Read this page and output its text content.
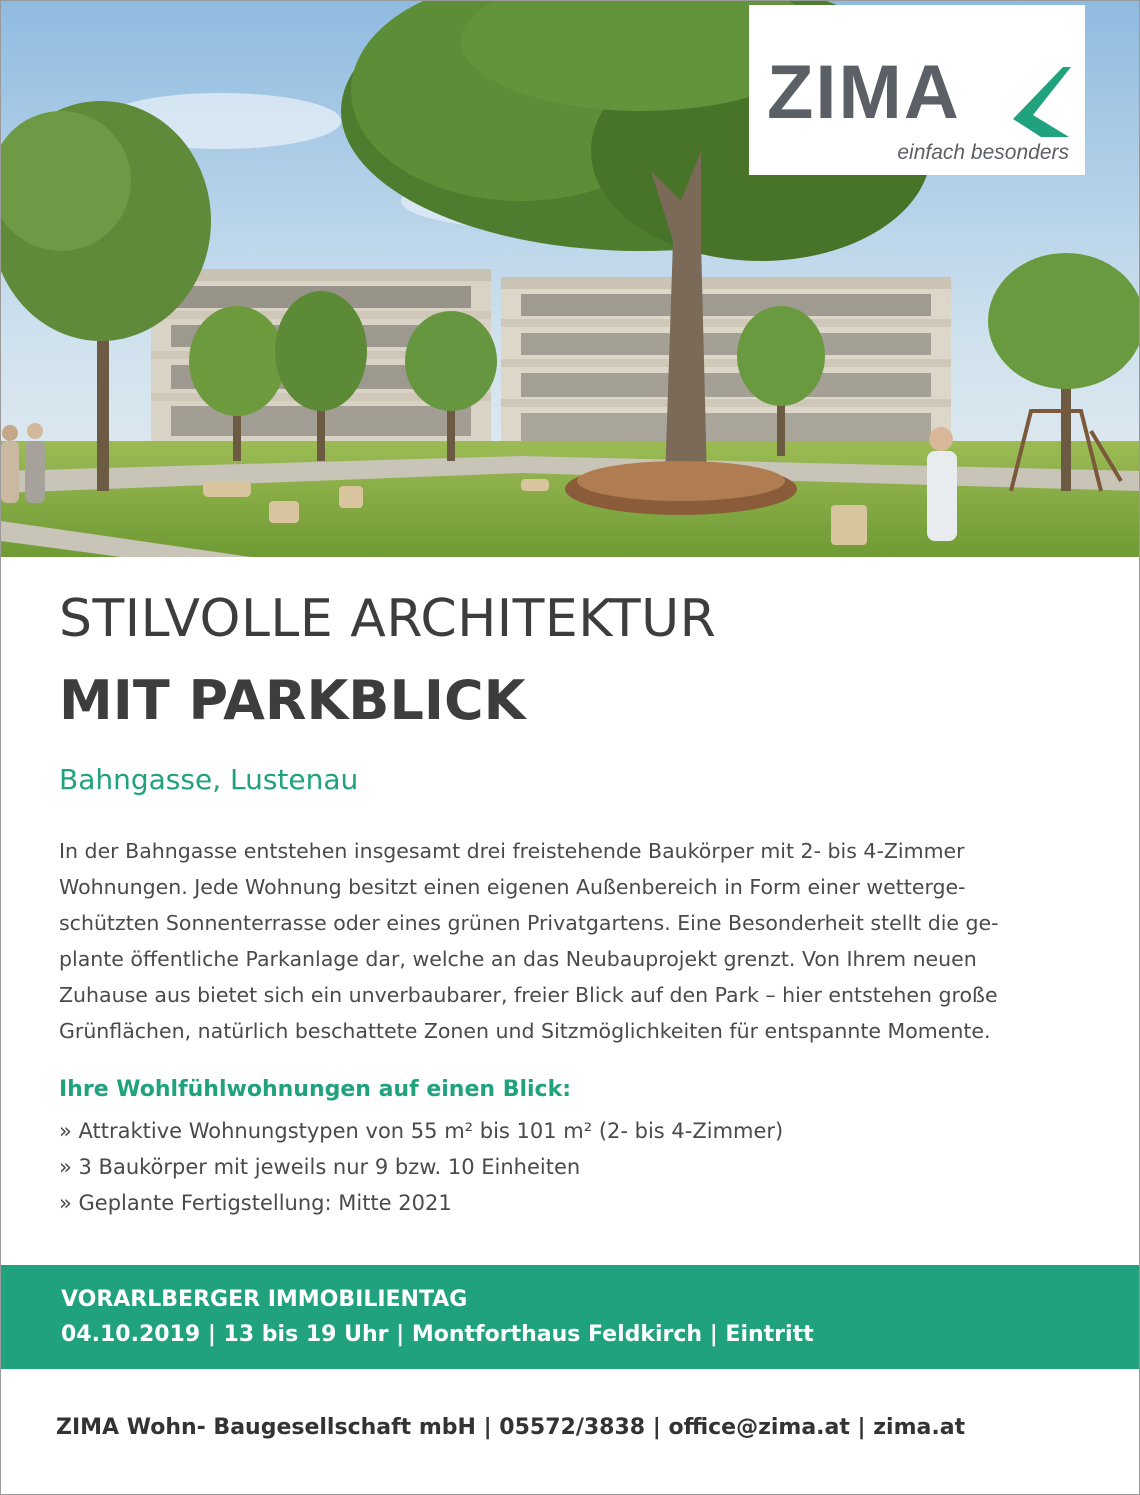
ZIMA
einfach besonders
STILVOLLE ARCHITEKTUR
MIT PARKBLICK
Bahngasse, Lustenau

In der Bahngasse entstehen insgesamt drei freistehende Baukörper mit 2- bis 4-Zimmer

Wohnungen. Jede Wohnung besitzt einen eigenen Außenbereich in Form einer wetterge-

schützten Sonnenterrasse oder eines grünen Privatgartens. Eine Besonderheit stellt die ge-

plante öffentliche Parkanlage dar, welche an das Neubauprojekt grenzt. Von Ihrem neuen

Zuhause aus bietet sich ein unverbaubarer, freier Blick auf den Park – hier entstehen große

Grünflächen, natürlich beschattete Zonen und Sitzmöglichkeiten für entspannte Momente.

Ihre Wohlfühlwohnungen auf einen Blick:
» Attraktive Wohnungstypen von 55 m² bis 101 m² (2- bis 4-Zimmer)
» 3 Baukörper mit jeweils nur 9 bzw. 10 Einheiten
» Geplante Fertigstellung: Mitte 2021
VORARLBERGER IMMOBILIENTAG
04.10.2019 | 13 bis 19 Uhr | Montforthaus Feldkirch | Eintritt
ZIMA Wohn- Baugesellschaft mbH | 05572/3838 | office@zima.at | zima.at
